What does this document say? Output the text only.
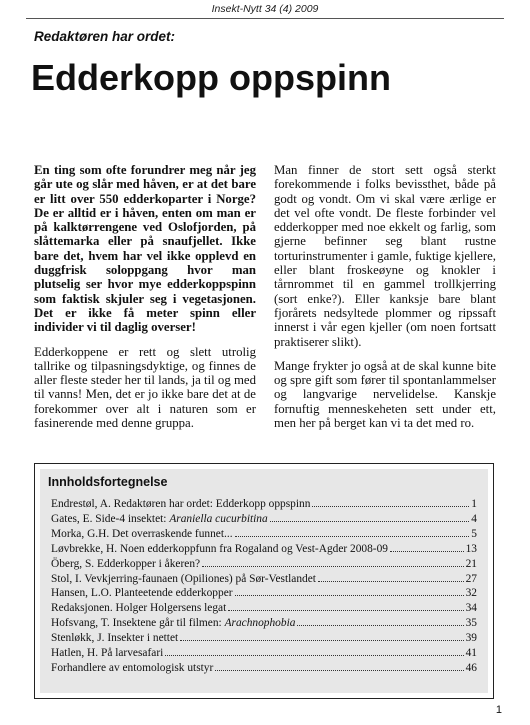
Insekt-Nytt 34 (4) 2009
Redaktøren har ordet:
Edderkopp oppspinn

En ting som ofte forundrer meg når jeg går ute og slår med håven, er at det bare er litt over 550 edderkoparter i Norge? De er alltid er i håven, enten om man er på kalktørrengene ved Oslofjorden, på slåttemarka eller på snaufjellet. Ikke bare det, hvem har vel ikke opplevd en duggfrisk soloppgang hvor man plutselig ser hvor mye edderkoppspinn som faktisk skjuler seg i vegetasjonen. Det er ikke få meter spinn eller individer vi til daglig overser!

Edderkoppene er rett og slett utrolig tallrike og tilpasningsdyktige, og finnes de aller fleste steder her til lands, ja til og med til vanns! Men, det er jo ikke bare det at de forekommer over alt i naturen som er fasinerende med denne gruppa.

Man finner de stort sett også sterkt forekommende i folks bevissthet, både på godt og vondt. Om vi skal være ærlige er det vel ofte vondt. De fleste forbinder vel edderkopper med noe ekkelt og farlig, som gjerne befinner seg blant rustne torturinstrumenter i gamle, fuktige kjellere, eller blant froskeøyne og knokler i tårnrommet til en gammel trollkjerring (sort enke?). Eller kanksje bare blant fjorårets nedsyltede plommer og ripssaft innerst i vår egen kjeller (om noen fortsatt praktiserer slikt).

Mange frykter jo også at de skal kunne bite og spre gift som fører til spontanlammelser og langvarige nervelidelse. Kanskje fornuftig menneskeheten sett under ett, men her på berget kan vi ta det med ro.

Innholdsfortegnelse
Endrestøl, A. Redaktøren har ordet: Edderkopp oppspinn	1
Gates, E. Side-4 insektet: Araniella cucurbitina	4
Morka, G.H. Det overraskende funnet...	5
Løvbrekke, H. Noen edderkoppfunn fra Rogaland og Vest-Agder 2008-09	13
Öberg, S. Edderkopper i åkeren?	21
Stol, I. Vevkjerring-faunaen (Opiliones) på Sør-Vestlandet	27
Hansen, L.O. Planteetende edderkopper	32
Redaksjonen. Holger Holgersens legat	34
Hofsvang, T. Insektene går til filmen: Arachnophobia	35
Stenløkk, J. Insekter i nettet	39
Hatlen, H. På larvesafari	41
Forhandlere av entomologisk utstyr	46
1
